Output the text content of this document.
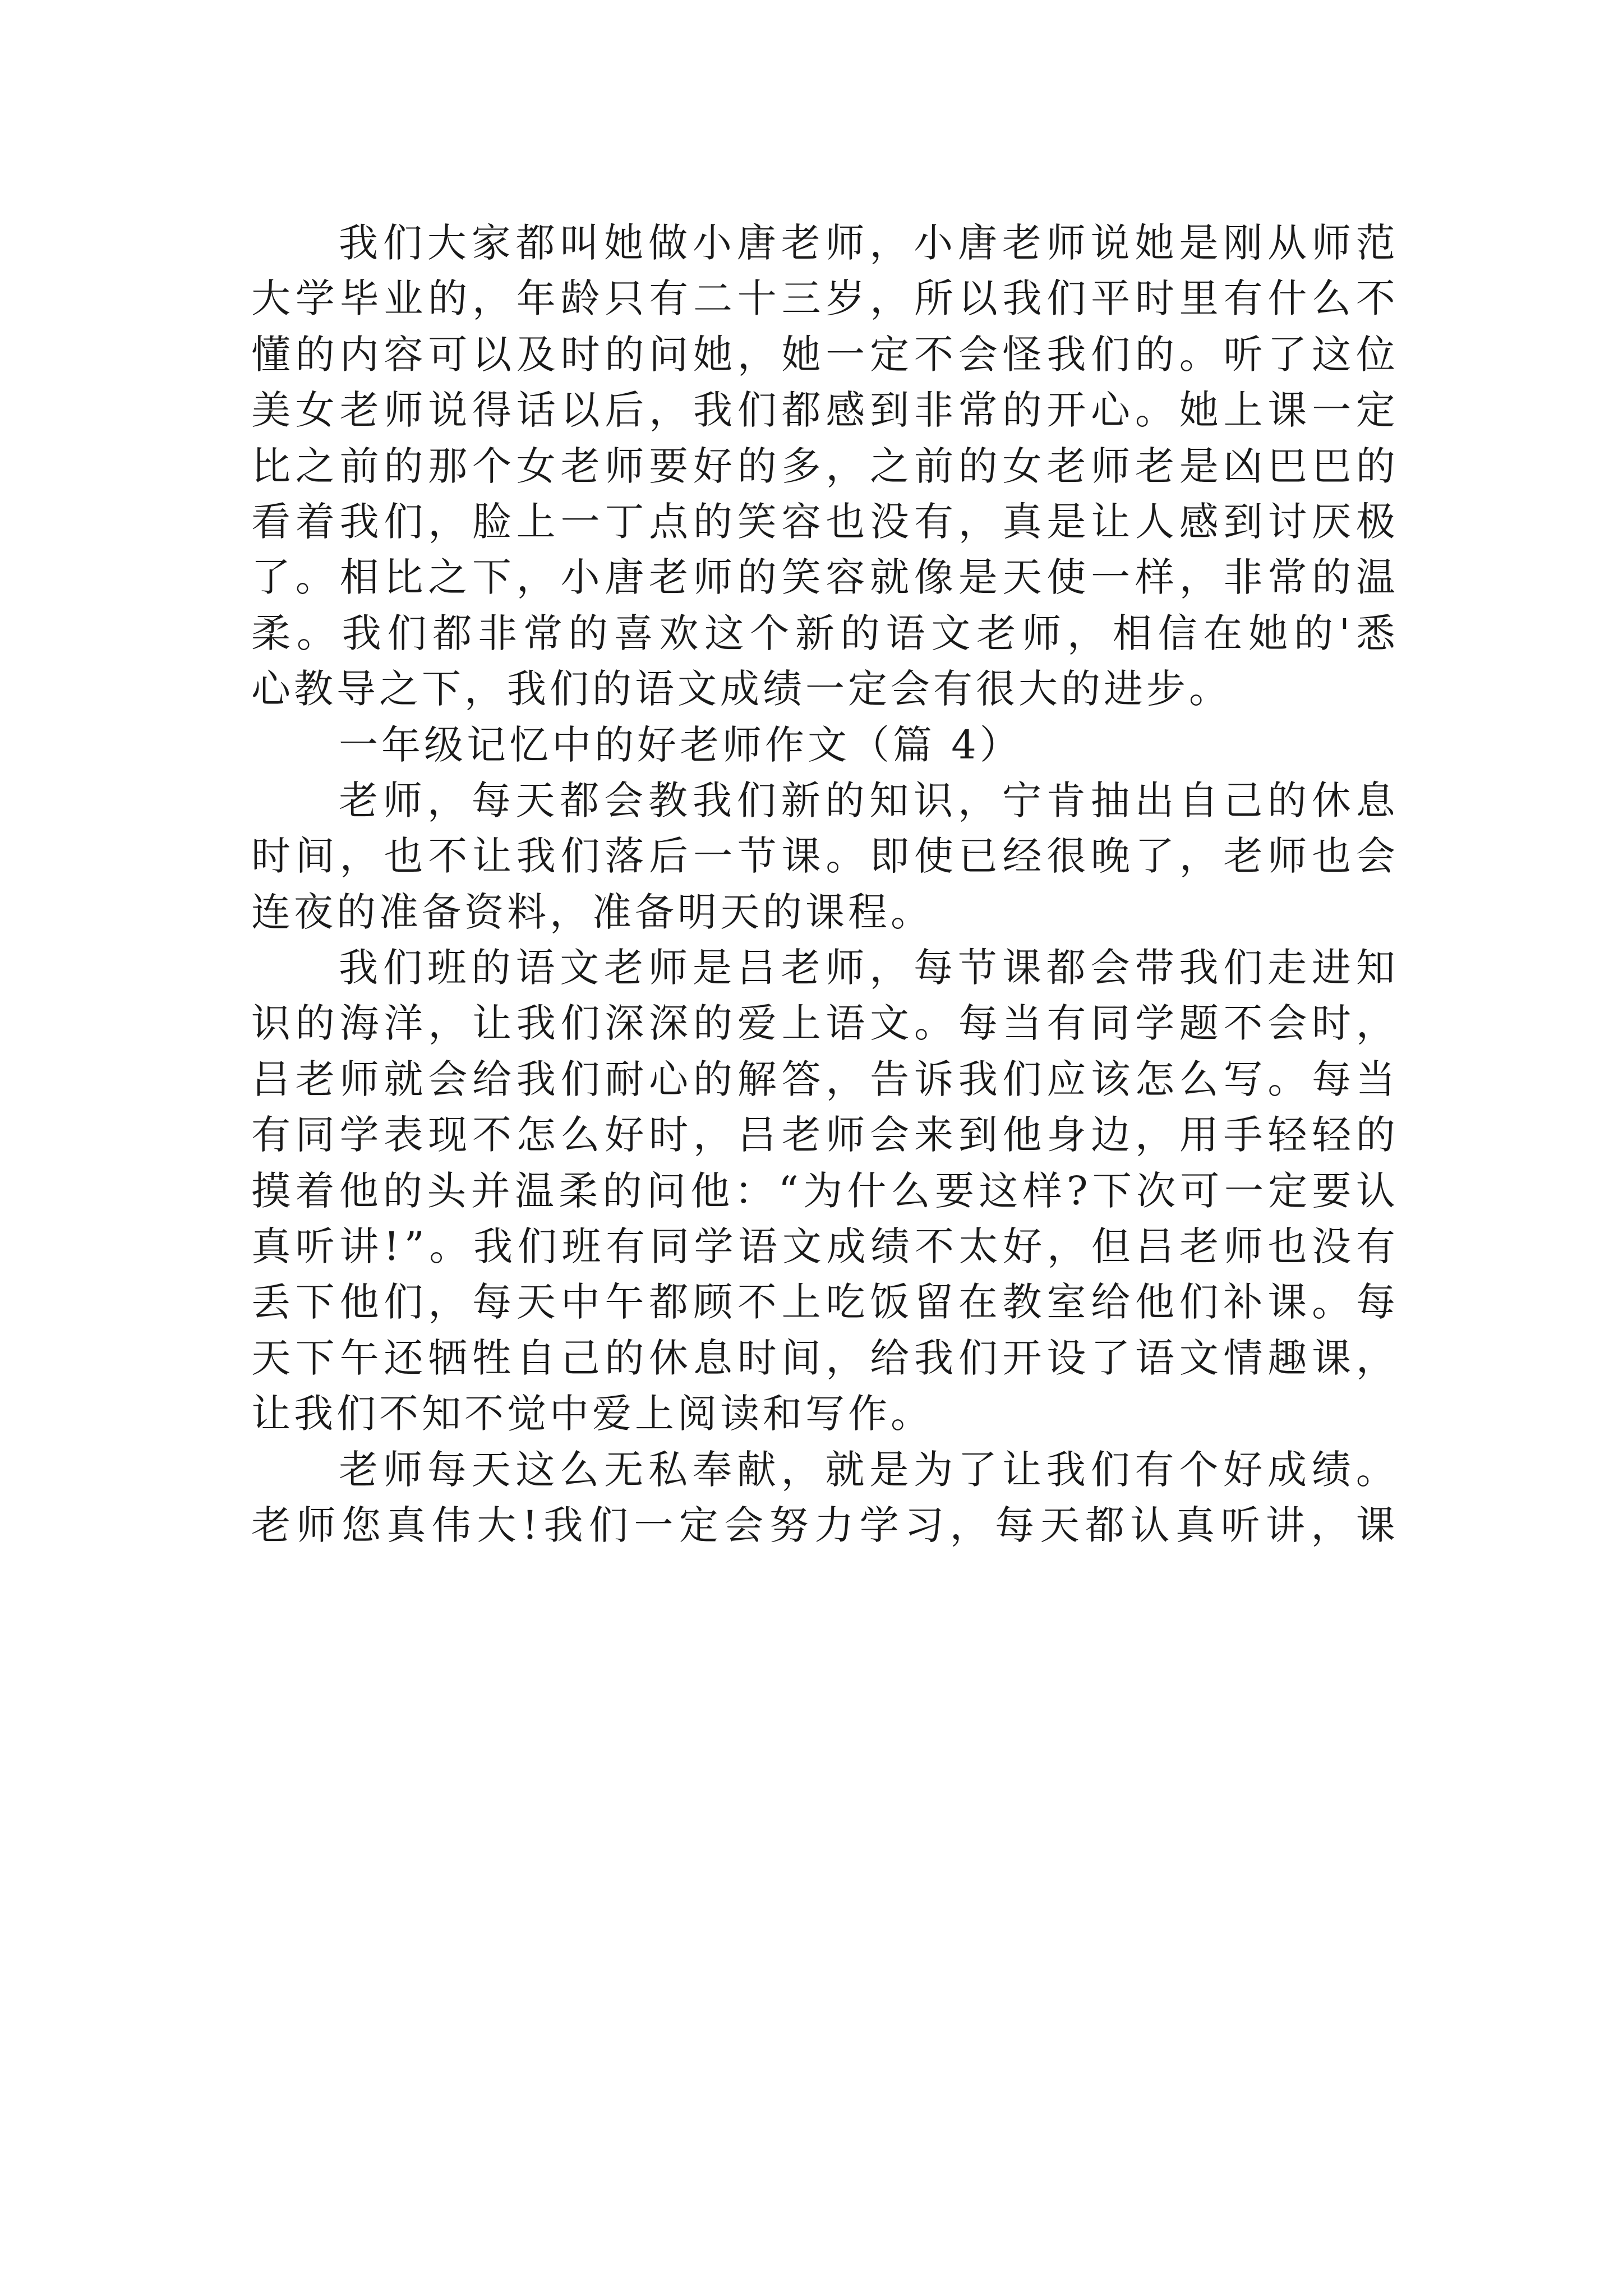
我 们 大 家 都 叫 她 做 小 唐 老 师 ， 小 唐 老 师 说 她 是 刚 从 师 范
大 学 毕 业 的 ， 年 龄 只 有 二 十 三 岁 ， 所 以 我 们 平 时 里 有 什 么 不
懂 的 内 容 可 以 及 时 的 问 她 ， 她 一 定 不 会 怪 我 们 的 。 听 了 这 位
美 女 老 师 说 得 话 以 后 ， 我 们 都 感 到 非 常 的 开 心 。 她 上 课 一 定
比 之 前 的 那 个 女 老 师 要 好 的 多 ， 之 前 的 女 老 师 老 是 凶 巴 巴 的
看 着 我 们 ， 脸 上 一 丁 点 的 笑 容 也 没 有 ， 真 是 让 人 感 到 讨 厌 极
了 。 相 比 之 下 ， 小 唐 老 师 的 笑 容 就 像 是 天 使 一 样 ， 非 常 的 温
柔 。 我 们 都 非 常 的 喜 欢 这 个 新 的 语 文 老 师 ， 相 信 在 她 的 ' 悉
心教导之下，我们的语文成绩一定会有很大的进步。
一年级记忆中的好老师作文（篇 4）
老 师 ， 每 天 都 会 教 我 们 新 的 知 识 ， 宁 肯 抽 出 自 己 的 休 息
时 间 ， 也 不 让 我 们 落 后 一 节 课 。 即 使 已 经 很 晚 了 ， 老 师 也 会
连夜的准备资料，准备明天的课程。
我 们 班 的 语 文 老 师 是 吕 老 师 ， 每 节 课 都 会 带 我 们 走 进 知
识 的 海 洋 ， 让 我 们 深 深 的 爱 上 语 文 。 每 当 有 同 学 题 不 会 时 ，
吕 老 师 就 会 给 我 们 耐 心 的 解 答 ， 告 诉 我 们 应 该 怎 么 写 。 每 当
有 同 学 表 现 不 怎 么 好 时 ， 吕 老 师 会 来 到 他 身 边 ， 用 手 轻 轻 的
摸 着 他 的 头 并 温 柔 的 问 他 ： “ 为 什 么 要 这 样 ? 下 次 可 一 定 要 认
真 听 讲 ! ” 。 我 们 班 有 同 学 语 文 成 绩 不 太 好 ， 但 吕 老 师 也 没 有
丢 下 他 们 ， 每 天 中 午 都 顾 不 上 吃 饭 留 在 教 室 给 他 们 补 课 。 每
天 下 午 还 牺 牲 自 己 的 休 息 时 间 ， 给 我 们 开 设 了 语 文 情 趣 课 ，
让我们不知不觉中爱上阅读和写作。
老 师 每 天 这 么 无 私 奉 献 ， 就 是 为 了 让 我 们 有 个 好 成 绩 。
老 师 您 真 伟 大 ! 我 们 一 定 会 努 力 学 习 ， 每 天 都 认 真 听 讲 ， 课
